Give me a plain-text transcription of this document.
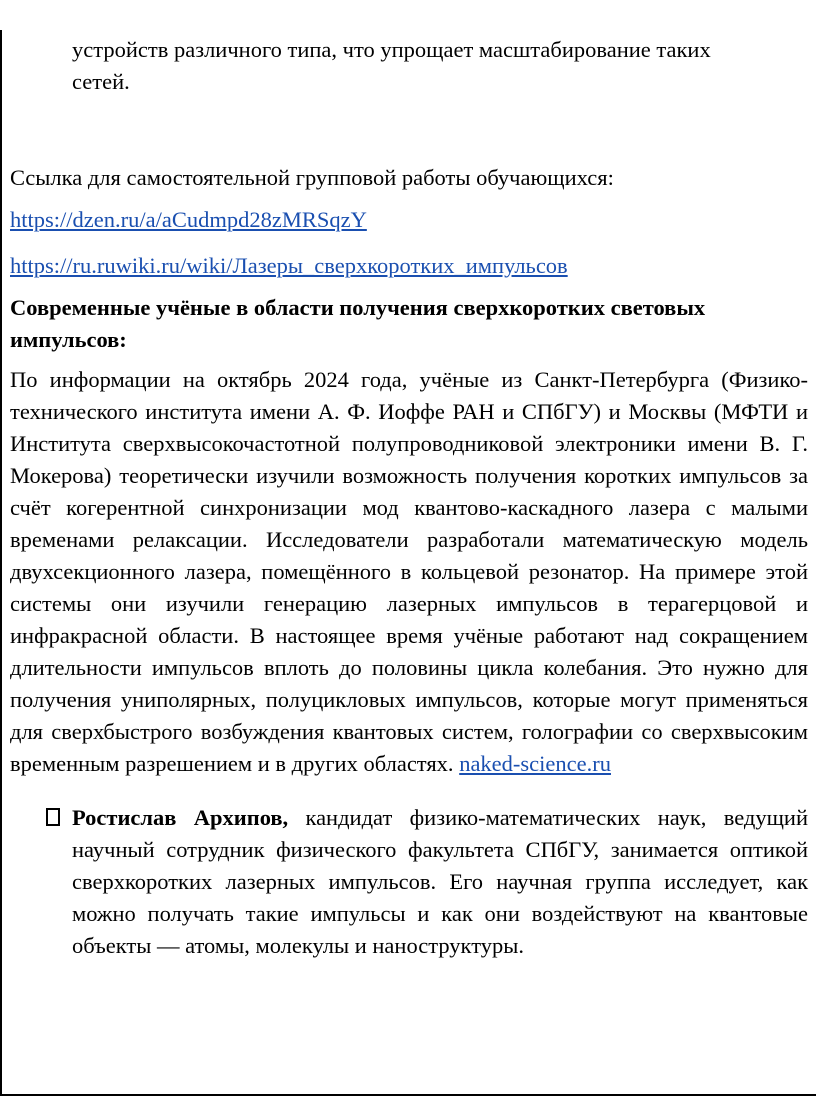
устройств различного типа, что упрощает масштабирование таких сетей.

Ссылка для самостоятельной групповой работы обучающихся:

https://dzen.ru/a/aCudmpd28zMRSqzY

https://ru.ruwiki.ru/wiki/Лазеры_сверхкоротких_импульсов

Современные учёные в области получения сверхкоротких световых импульсов:

По информации на октябрь 2024 года, учёные из Санкт-Петербурга (Физико-технического института имени А. Ф. Иоффе РАН и СПбГУ) и Москвы (МФТИ и Института сверхвысокочастотной полупроводниковой электроники имени В. Г. Мокерова) теоретически изучили возможность получения коротких импульсов за счёт когерентной синхронизации мод квантово-каскадного лазера с малыми временами релаксации. Исследователи разработали математическую модель двухсекционного лазера, помещённого в кольцевой резонатор. На примере этой системы они изучили генерацию лазерных импульсов в терагерцовой и инфракрасной области. В настоящее время учёные работают над сокращением длительности импульсов вплоть до половины цикла колебания. Это нужно для получения униполярных, полуцикловых импульсов, которые могут применяться для сверхбыстрого возбуждения квантовых систем, голографии со сверхвысоким временным разрешением и в других областях. naked-science.ru

Ростислав Архипов, кандидат физико-математических наук, ведущий научный сотрудник физического факультета СПбГУ, занимается оптикой сверхкоротких лазерных импульсов. Его научная группа исследует, как можно получать такие импульсы и как они воздействуют на квантовые объекты — атомы, молекулы и наноструктуры.
